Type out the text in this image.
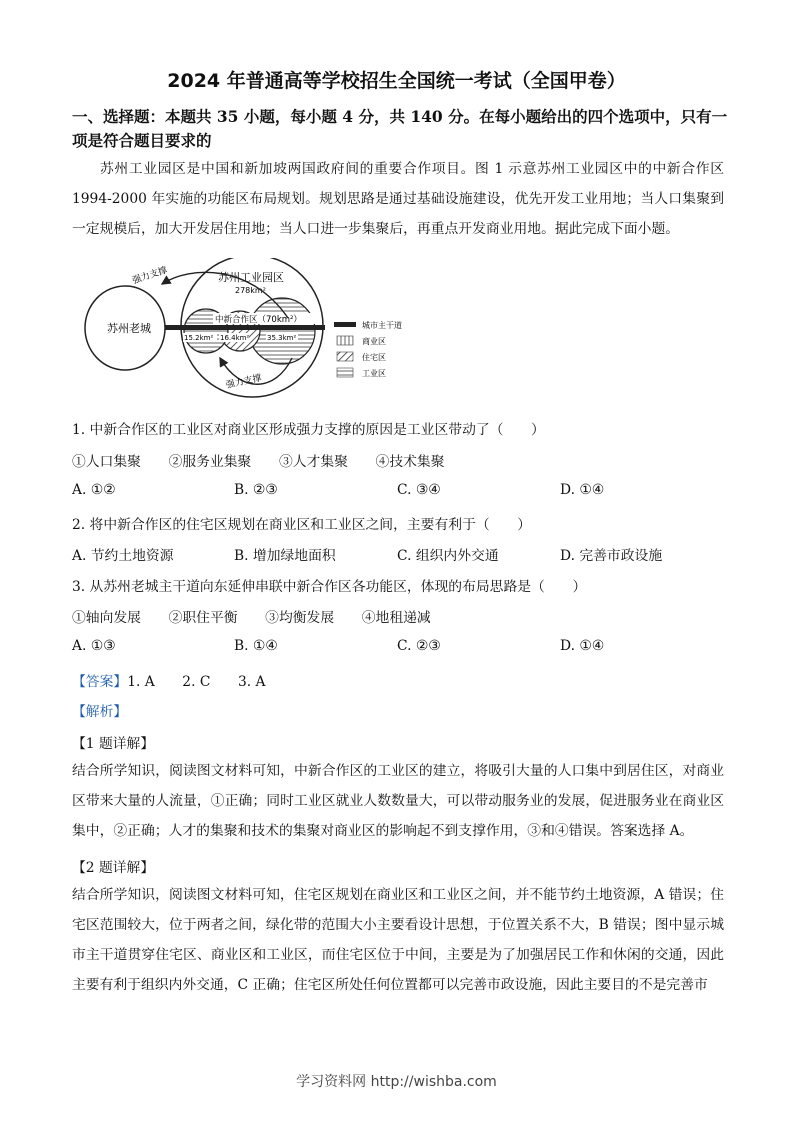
2024 年普通高等学校招生全国统一考试（全国甲卷）
一、选择题：本题共 35 小题，每小题 4 分，共 140 分。在每小题给出的四个选项中，只有一项是符合题目要求的
苏州工业园区是中国和新加坡两国政府间的重要合作项目。图 1 示意苏州工业园区中的中新合作区 1994-2000 年实施的功能区布局规划。规划思路是通过基础设施建设，优先开发工业用地；当人口集聚到一定规模后，加大开发居住用地；当人口进一步集聚后，再重点开发商业用地。据此完成下面小题。
苏州老城
苏州工业园区
278km²
中新合作区（70km²）
15.2km² 16.4km²	35.3km²
强力支撑
强力支撑
城市主干道
商业区
住宅区
工业区
1. 中新合作区的工业区对商业区形成强力支撑的原因是工业区带动了（　　）
①人口集聚　　②服务业集聚　　③人才集聚　　④技术集聚
A. ①②	B. ②③	C. ③④	D. ①④
2. 将中新合作区的住宅区规划在商业区和工业区之间，主要有利于（　　）
A. 节约土地资源	B. 增加绿地面积	C. 组织内外交通	D. 完善市政设施
3. 从苏州老城主干道向东延伸串联中新合作区各功能区，体现的布局思路是（　　）
①轴向发展　　②职住平衡　　③均衡发展　　④地租递减
A. ①③	B. ①④	C. ②③	D. ①④
【答案】1. A　　2. C　　3. A
【解析】
【1 题详解】
结合所学知识，阅读图文材料可知，中新合作区的工业区的建立，将吸引大量的人口集中到居住区，对商业区带来大量的人流量，①正确；同时工业区就业人数数量大，可以带动服务业的发展，促进服务业在商业区集中，②正确；人才的集聚和技术的集聚对商业区的影响起不到支撑作用，③和④错误。答案选择 A。
【2 题详解】
结合所学知识，阅读图文材料可知，住宅区规划在商业区和工业区之间，并不能节约土地资源，A 错误；住宅区范围较大，位于两者之间，绿化带的范围大小主要看设计思想，于位置关系不大，B 错误；图中显示城市主干道贯穿住宅区、商业区和工业区，而住宅区位于中间，主要是为了加强居民工作和休闲的交通，因此主要有利于组织内外交通，C 正确；住宅区所处任何位置都可以完善市政设施，因此主要目的不是完善市
学习资料网 http://wishba.com
